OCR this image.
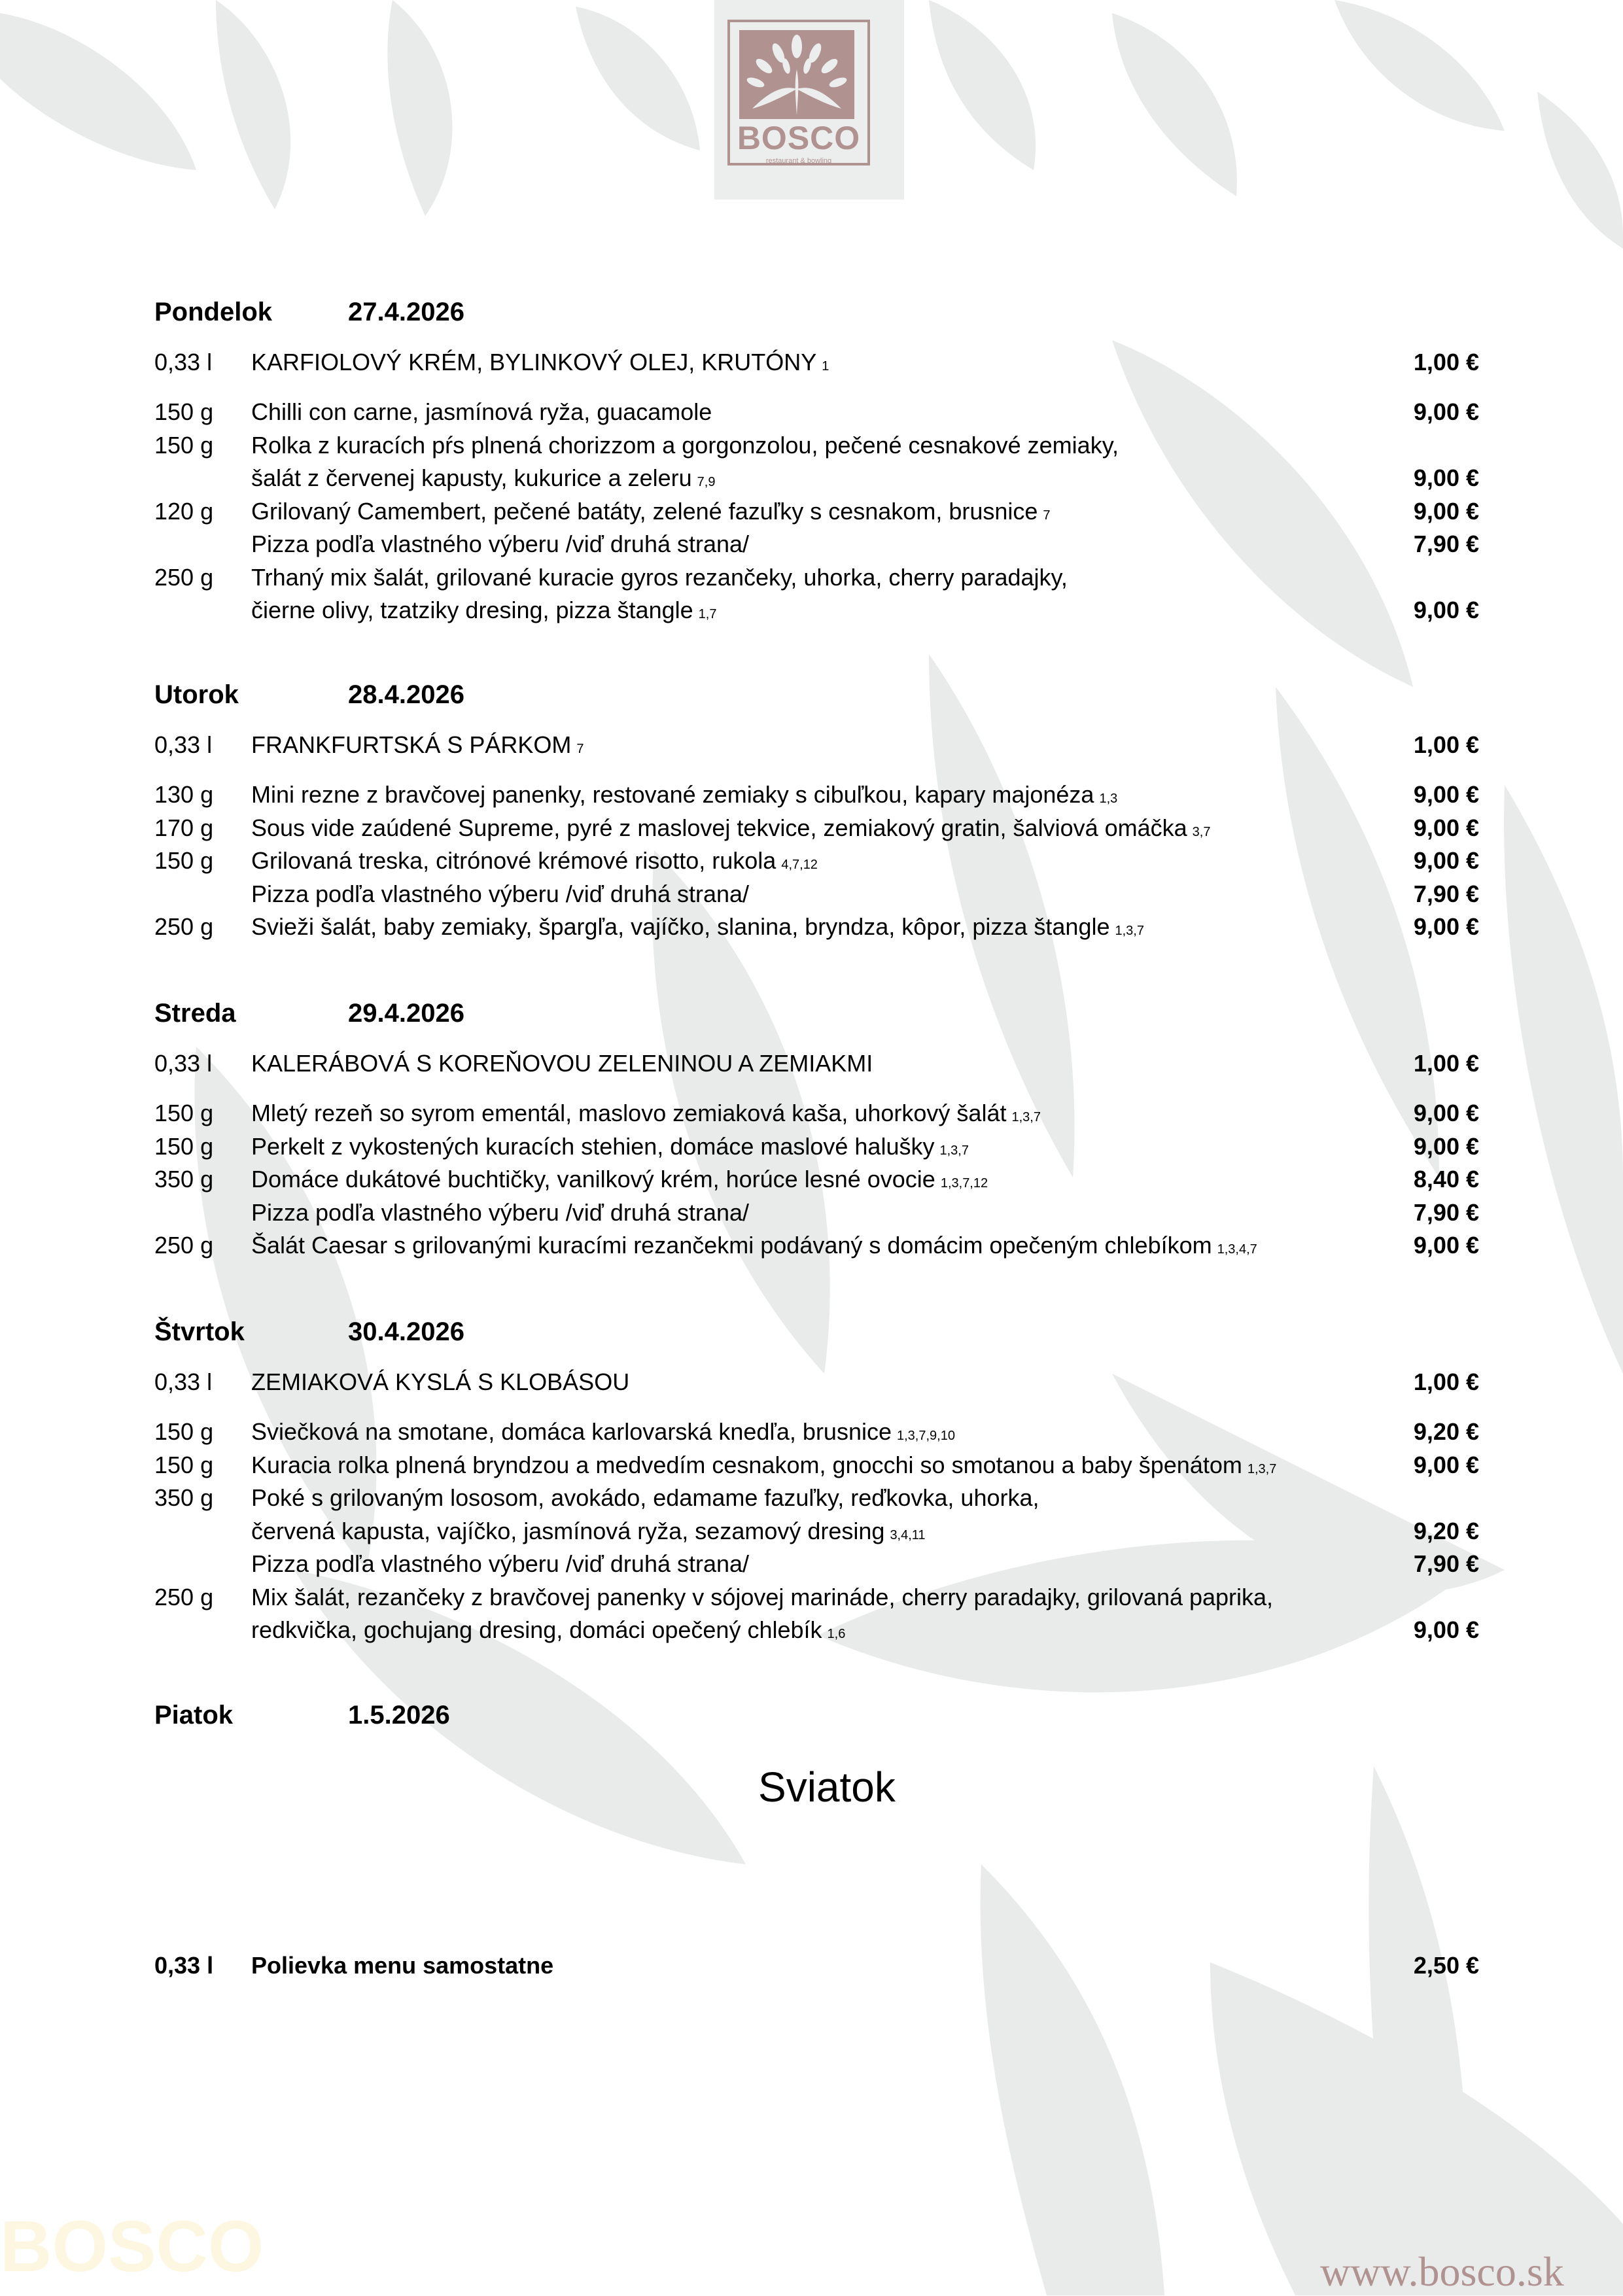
BOSCO
restaurant & bowling
Pondelok	27.4.2026
0,33 l KARFIOLOVÝ KRÉM, BYLINKOVÝ OLEJ, KRUTÓNY 1	1,00 €
150 g Chilli con carne, jasmínová ryža, guacamole	9,00 €
150 g Rolka z kuracích pŕs plnená chorizzom a gorgonzolou, pečené cesnakové zemiaky,
šalát z červenej kapusty, kukurice a zeleru 7,9	9,00 €
120 g Grilovaný Camembert, pečené batáty, zelené fazuľky s cesnakom, brusnice 7	9,00 €
Pizza podľa vlastného výberu /viď druhá strana/	7,90 €
250 g Trhaný mix šalát, grilované kuracie gyros rezančeky, uhorka, cherry paradajky,
čierne olivy, tzatziky dresing, pizza štangle 1,7	9,00 €
Utorok	28.4.2026
0,33 l FRANKFURTSKÁ S PÁRKOM 7	1,00 €
130 g Mini rezne z bravčovej panenky, restované zemiaky s cibuľkou, kapary majonéza 1,3	9,00 €
170 g Sous vide zaúdené Supreme, pyré z maslovej tekvice, zemiakový gratin, šalviová omáčka 3,7	9,00 €
150 g Grilovaná treska, citrónové krémové risotto, rukola 4,7,12	9,00 €
Pizza podľa vlastného výberu /viď druhá strana/	7,90 €
250 g Svieži šalát, baby zemiaky, špargľa, vajíčko, slanina, bryndza, kôpor, pizza štangle 1,3,7	9,00 €
Streda	29.4.2026
0,33 l KALERÁBOVÁ S KOREŇOVOU ZELENINOU A ZEMIAKMI	1,00 €
150 g Mletý rezeň so syrom ementál, maslovo zemiaková kaša, uhorkový šalát 1,3,7	9,00 €
150 g Perkelt z vykostených kuracích stehien, domáce maslové halušky 1,3,7	9,00 €
350 g Domáce dukátové buchtičky, vanilkový krém, horúce lesné ovocie 1,3,7,12	8,40 €
Pizza podľa vlastného výberu /viď druhá strana/	7,90 €
250 g Šalát Caesar s grilovanými kuracími rezančekmi podávaný s domácim opečeným chlebíkom 1,3,4,7	9,00 €
Štvrtok	30.4.2026
0,33 l ZEMIAKOVÁ KYSLÁ S KLOBÁSOU	1,00 €
150 g Sviečková na smotane, domáca karlovarská knedľa, brusnice 1,3,7,9,10	9,20 €
150 g Kuracia rolka plnená bryndzou a medvedím cesnakom, gnocchi so smotanou a baby špenátom 1,3,7	9,00 €
350 g Poké s grilovaným lososom, avokádo, edamame fazuľky, reďkovka, uhorka,
červená kapusta, vajíčko, jasmínová ryža, sezamový dresing 3,4,11	9,20 €
Pizza podľa vlastného výberu /viď druhá strana/	7,90 €
250 g Mix šalát, rezančeky z bravčovej panenky v sójovej marináde, cherry paradajky, grilovaná paprika,
redkvička, gochujang dresing, domáci opečený chlebík 1,6	9,00 €
Piatok	1.5.2026
Sviatok
0,33 l Polievka menu samostatne	2,50 €
BOSCO	www.bosco.sk
